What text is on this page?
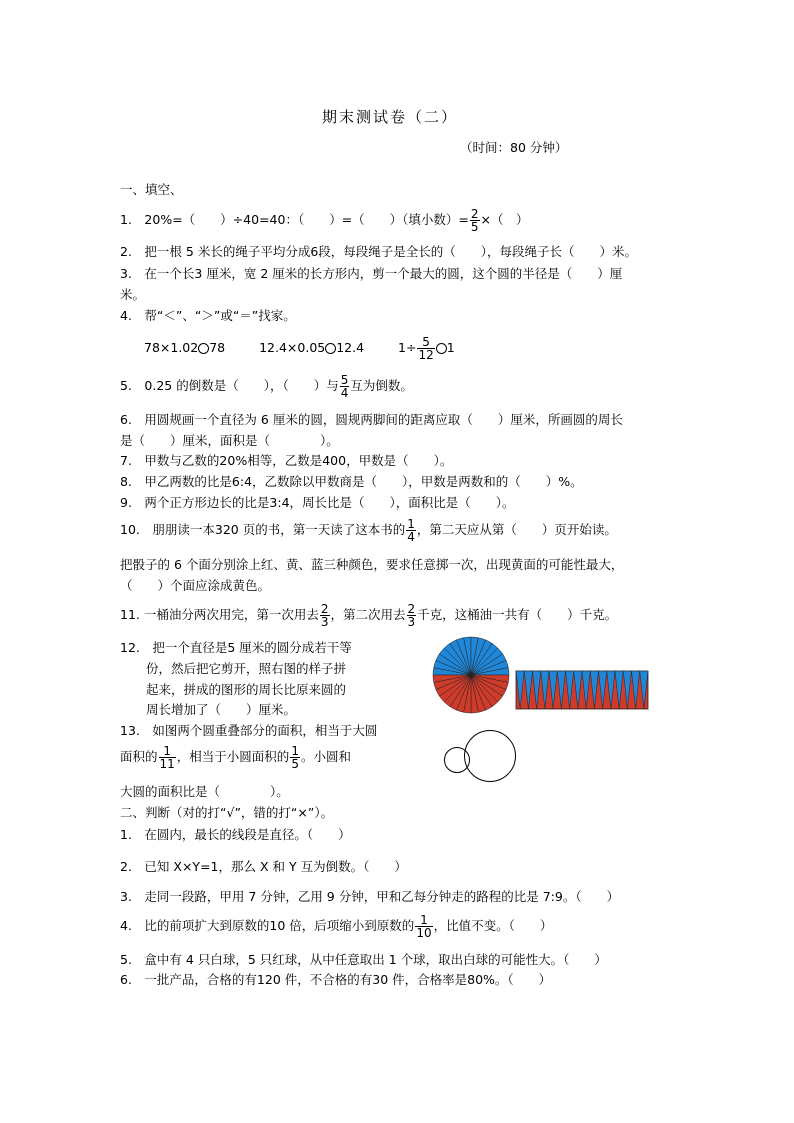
期末测试卷（二）
（时间：80 分钟）
一、填空、
1.　20%=（　　）÷40=40：（　　）=（　　）（填小数）= $\frac{2}{5}$ ×（　）
2.　把一根 5 米长的绳子平均分成6段，每段绳子是全长的（　　），每段绳子长（　　）米。
3.　在一个长3 厘米，宽 2 厘米的长方形内，剪一个最大的圆，这个圆的半径是（　　）厘
米。
4.　帮“＜”、“＞”或“＝”找家。
78×1.02 78	12.4×0.05 12.4	$1\div \frac{5}{12} 1$
5.　0.25 的倒数是（　　），（　　）与 $\frac{5}{4}$ 互为倒数。
6.　用圆规画一个直径为 6 厘米的圆，圆规两脚间的距离应取（　　）厘米，所画圆的周长
是（　　）厘米，面积是（　　　　）。
7.　甲数与乙数的20%相等，乙数是400，甲数是（　　）。
8.　甲乙两数的比是6:4，乙数除以甲数商是（　　），甲数是两数和的（　　）%。
9.　两个正方形边长的比是3:4，周长比是（　　），面积比是（　　）。
10.　朋朋读一本320 页的书，第一天读了这本书的 $\frac{1}{4}$ ，第二天应从第（　　）页开始读。
把骰子的 6 个面分别涂上红、黄、蓝三种颜色，要求任意掷一次，出现黄面的可能性最大，
（　　）个面应涂成黄色。
11. 一桶油分两次用完，第一次用去 $\frac{2}{3}$ ，第二次用去 $\frac{2}{3}$ 千克，这桶油一共有（　　）千克。
12.　把一个直径是5 厘米的圆分成若干等
份，然后把它剪开，照右图的样子拼
起来，拼成的图形的周长比原来圆的
周长增加了（　　）厘米。
13.　如图两个圆重叠部分的面积，相当于大圆
面积的 $\frac{1}{11}$ ，相当于小圆面积的 $\frac{1}{5}$ 。小圆和
大圆的面积比是（　　　　）。
二、判断（对的打“√”，错的打“×”）。
1.　在圆内，最长的线段是直径。（　　）
2.　已知 X×Y=1，那么 X 和 Y 互为倒数。（　　）
3.　走同一段路，甲用 7 分钟，乙用 9 分钟，甲和乙每分钟走的路程的比是 7:9。（　　）
4.　比的前项扩大到原数的10 倍，后项缩小到原数的 $\frac{1}{10}$ ，比值不变。（　　）
5.　盒中有 4 只白球，5 只红球，从中任意取出 1 个球，取出白球的可能性大。（　　）
6.　一批产品，合格的有120 件，不合格的有30 件，合格率是80%。（　　）
